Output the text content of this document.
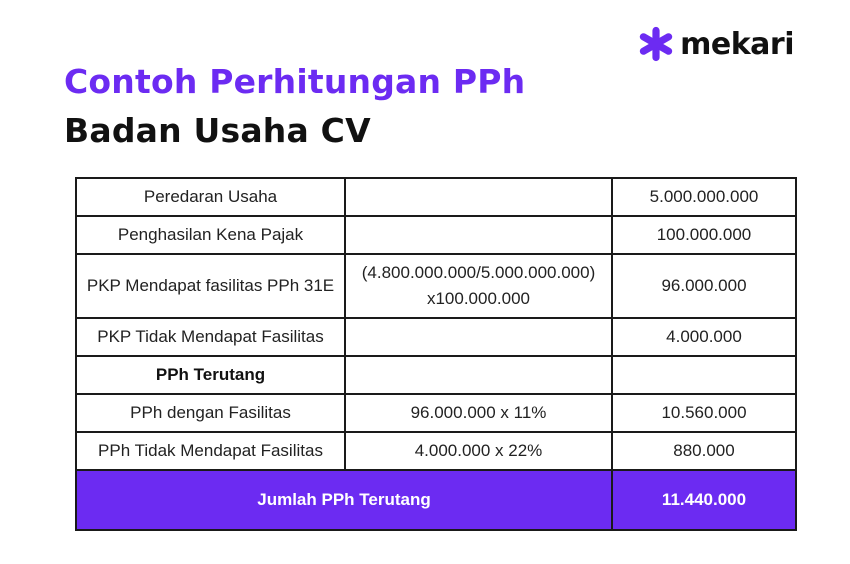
mekari
Contoh Perhitungan PPh
Badan Usaha CV
Peredaran Usaha		5.000.000.000
Penghasilan Kena Pajak		100.000.000
PKP Mendapat fasilitas PPh 31E	(4.800.000.000/5.000.000.000) x100.000.000	96.000.000
PKP Tidak Mendapat Fasilitas		4.000.000
PPh Terutang		
PPh dengan Fasilitas	96.000.000 x 11%	10.560.000
PPh Tidak Mendapat Fasilitas	4.000.000 x 22%	880.000
Jumlah PPh Terutang		11.440.000
